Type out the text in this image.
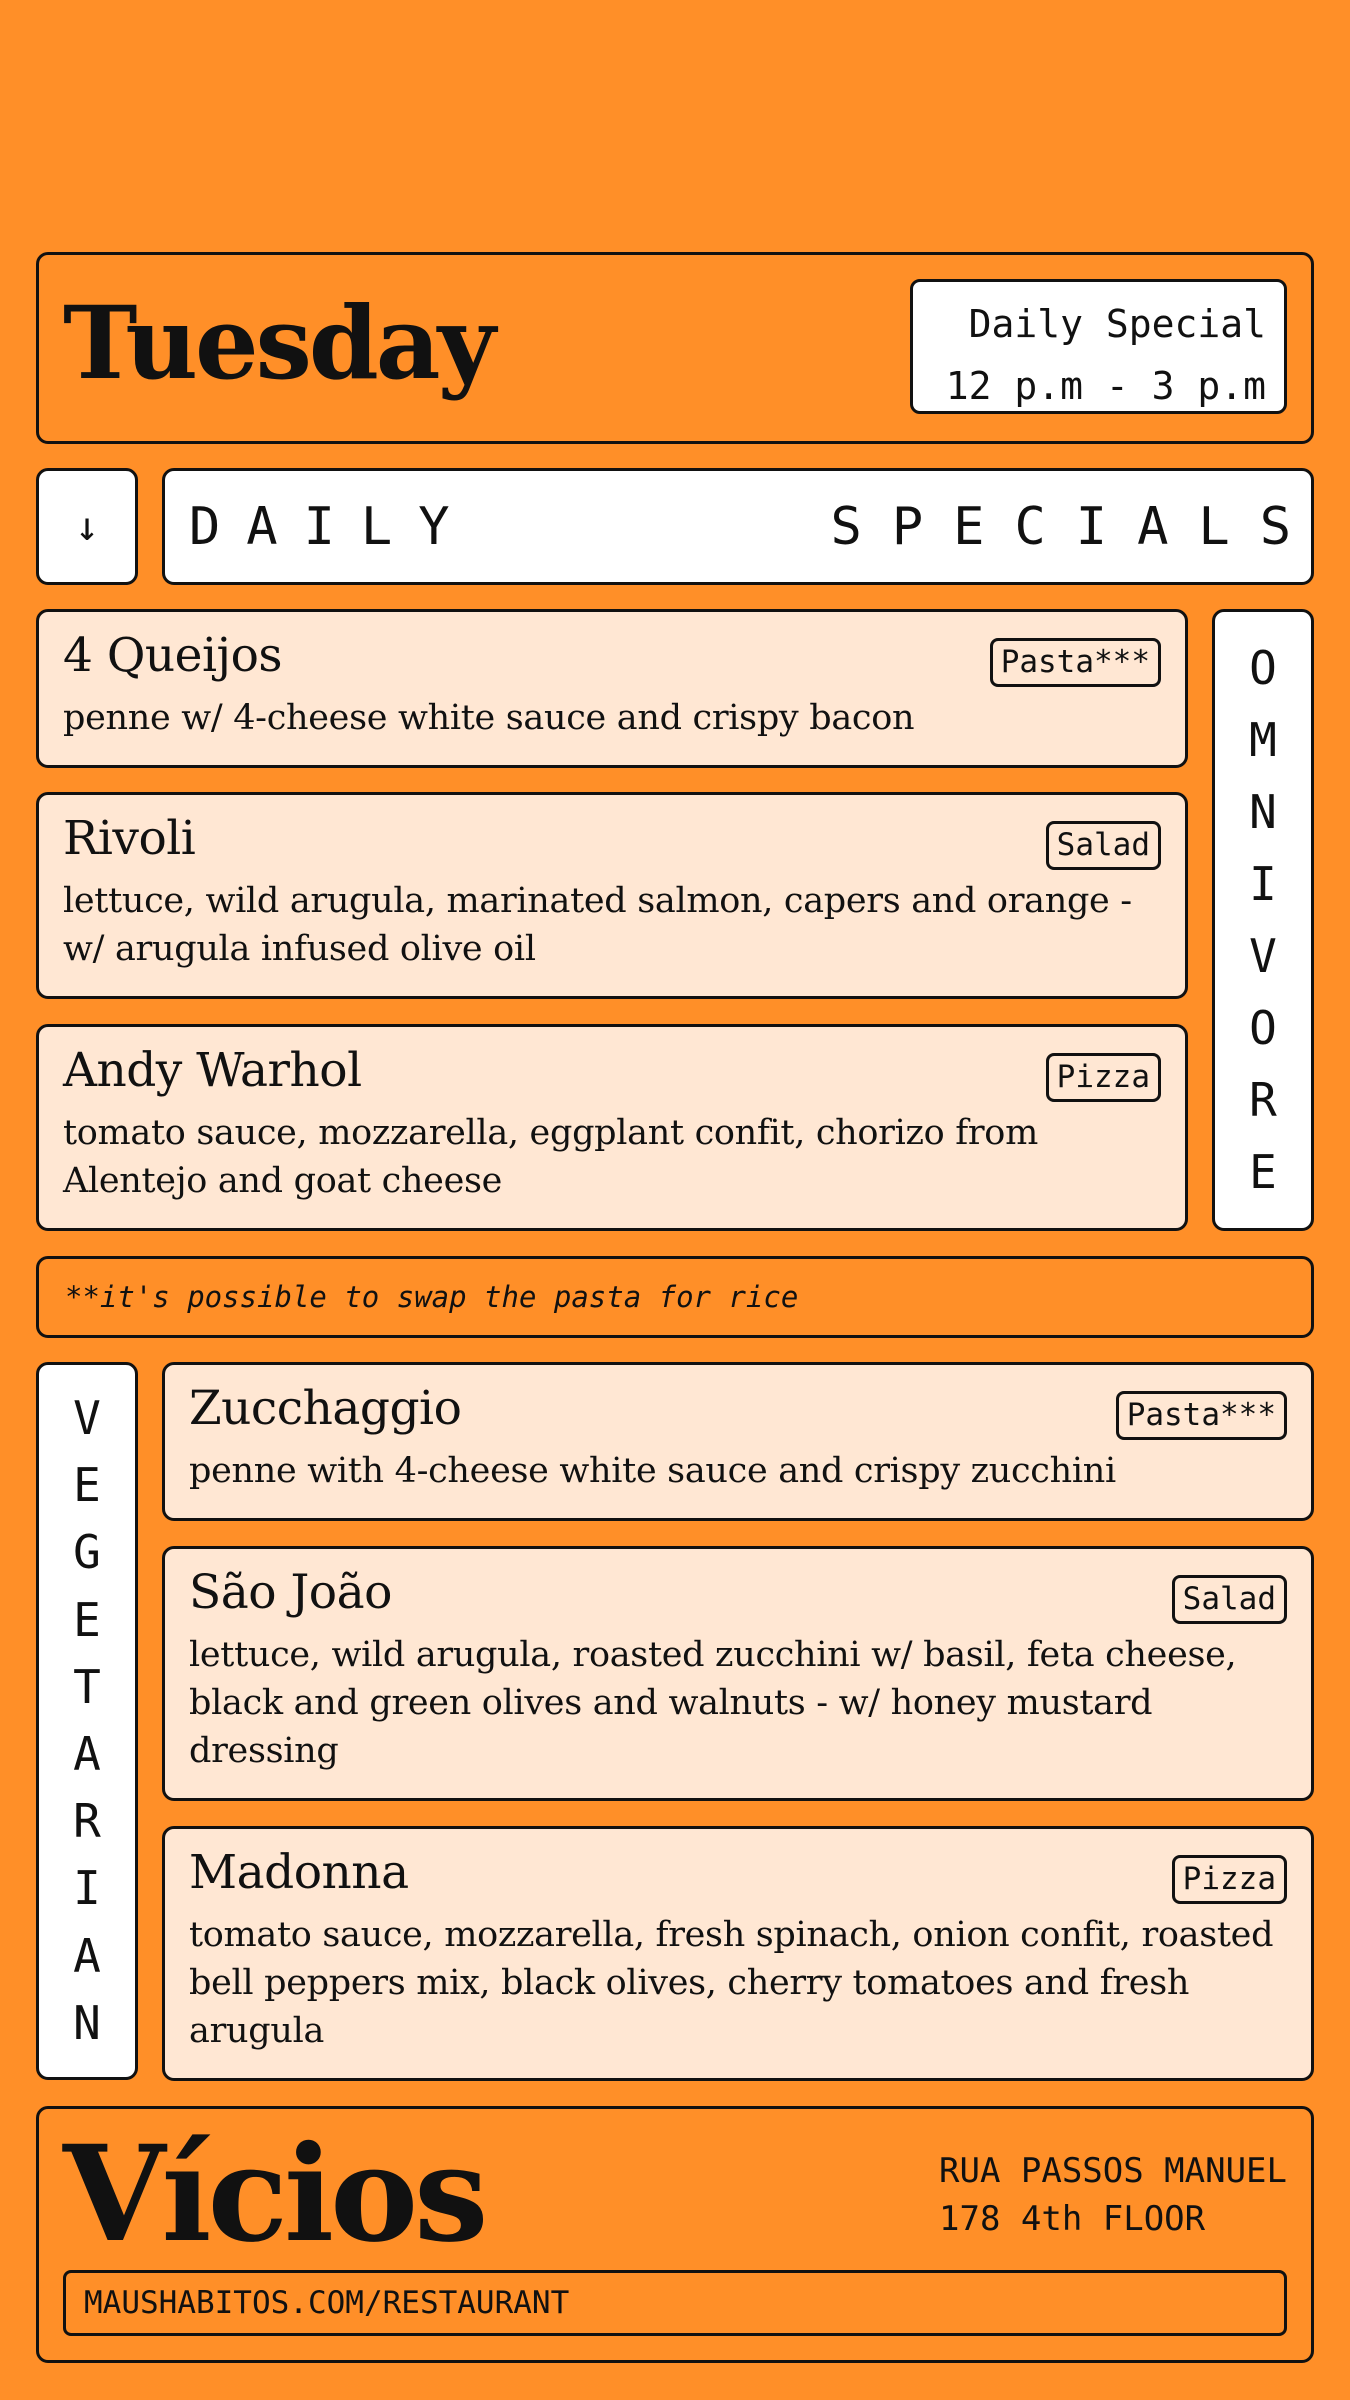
Tuesday	Daily Special
12 p.m - 3 p.m
↓ DAILY	SPECIALS
4 Queijos	Pasta***
penne w/ 4-cheese white sauce and crispy bacon
Rivoli	Salad
lettuce, wild arugula, marinated salmon, capers and orange - w/ arugula infused olive oil
Andy Warhol	Pizza
tomato sauce, mozzarella, eggplant confit, chorizo from Alentejo and goat cheese
O
M
N
I
V
O
R
E
**it's possible to swap the pasta for rice
V
E
G
E
T
A
R
I
A
N
Zucchaggio	Pasta***
penne with 4-cheese white sauce and crispy zucchini
São João	Salad
lettuce, wild arugula, roasted zucchini w/ basil, feta cheese, black and green olives and walnuts - w/ honey mustard dressing
Madonna	Pizza
tomato sauce, mozzarella, fresh spinach, onion confit, roasted bell peppers mix, black olives, cherry tomatoes and fresh arugula
Vícios	RUA PASSOS MANUEL
178 4th FLOOR
MAUSHABITOS.COM/RESTAURANT
